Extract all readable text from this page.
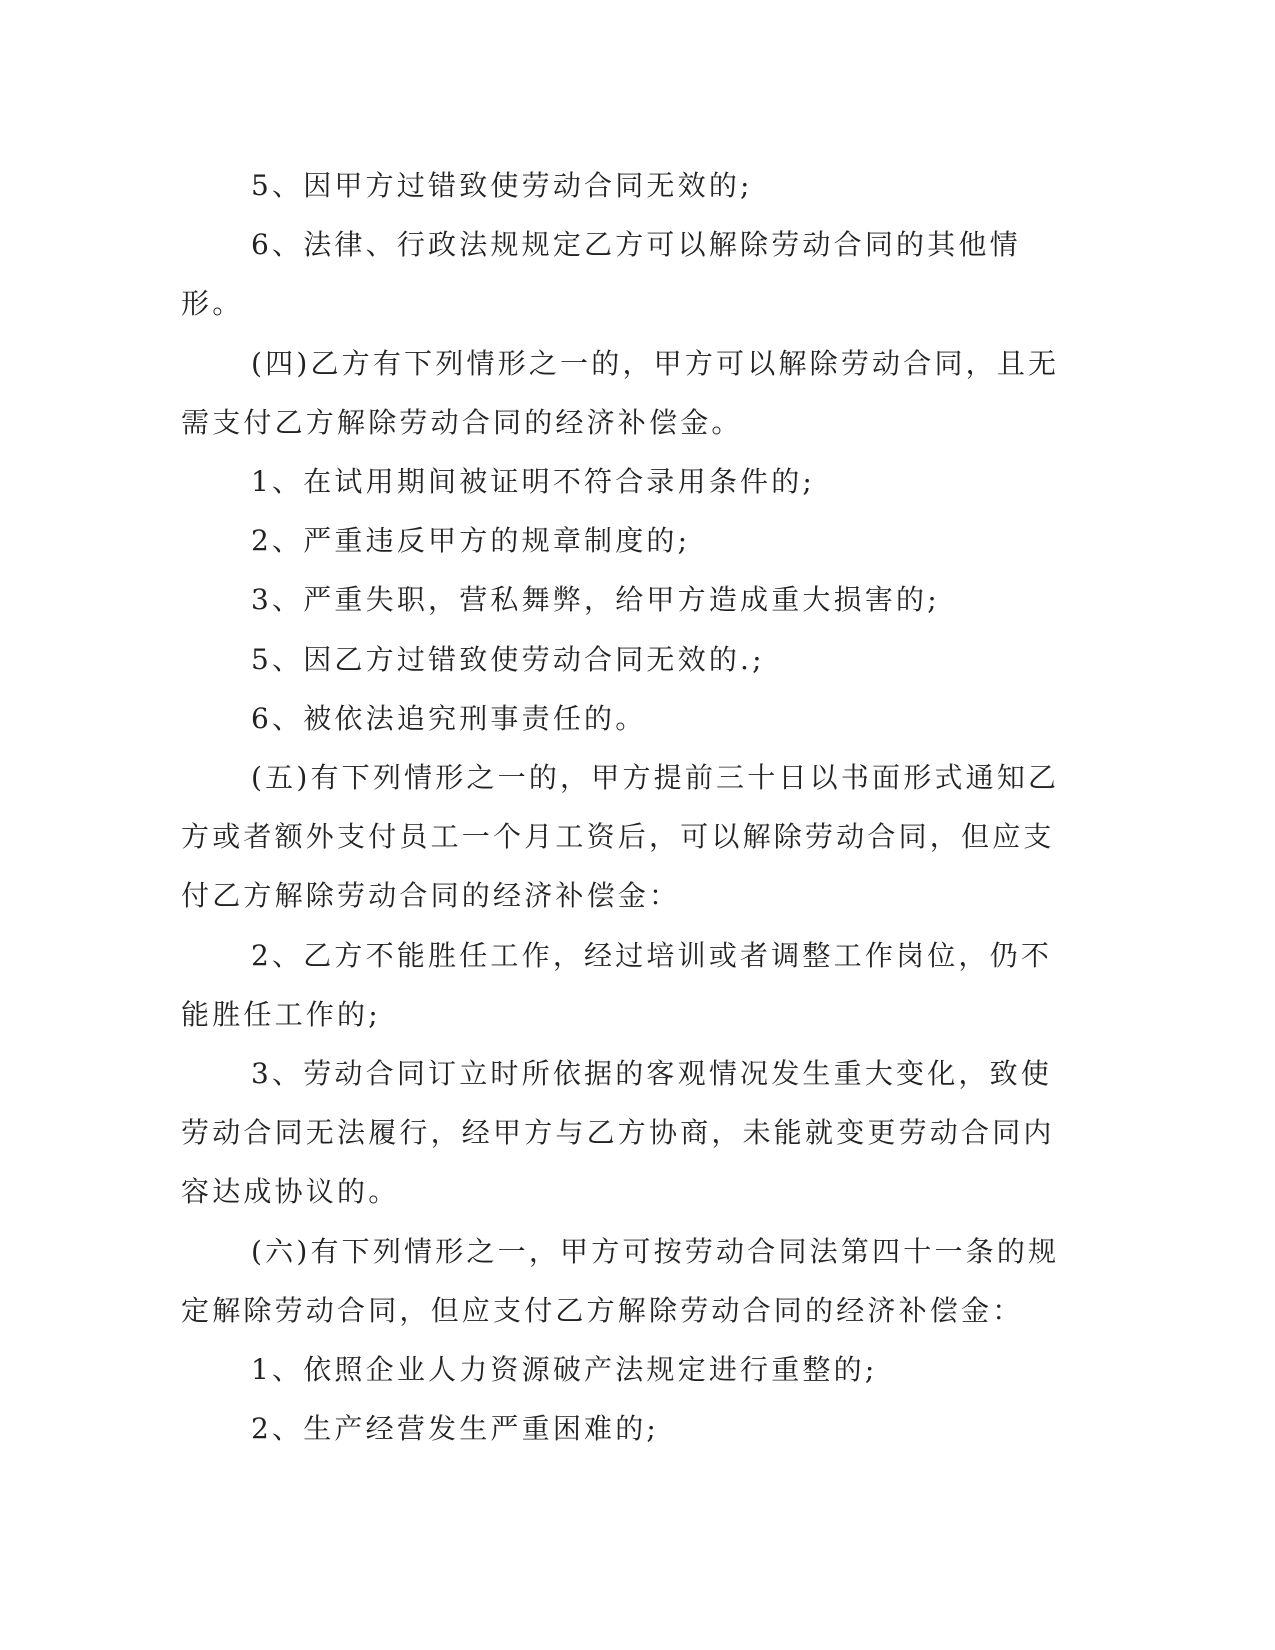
5、因甲方过错致使劳动合同无效的;

6、法律、行政法规规定乙方可以解除劳动合同的其他情形。

(四)乙方有下列情形之一的，甲方可以解除劳动合同，且无需支付乙方解除劳动合同的经济补偿金。

1、在试用期间被证明不符合录用条件的;

2、严重违反甲方的规章制度的;

3、严重失职，营私舞弊，给甲方造成重大损害的;

5、因乙方过错致使劳动合同无效的.;

6、被依法追究刑事责任的。

(五)有下列情形之一的，甲方提前三十日以书面形式通知乙方或者额外支付员工一个月工资后，可以解除劳动合同，但应支付乙方解除劳动合同的经济补偿金：

2、乙方不能胜任工作，经过培训或者调整工作岗位，仍不能胜任工作的;

3、劳动合同订立时所依据的客观情况发生重大变化，致使劳动合同无法履行，经甲方与乙方协商，未能就变更劳动合同内容达成协议的。

(六)有下列情形之一，甲方可按劳动合同法第四十一条的规定解除劳动合同，但应支付乙方解除劳动合同的经济补偿金：

1、依照企业人力资源破产法规定进行重整的;

2、生产经营发生严重困难的;
